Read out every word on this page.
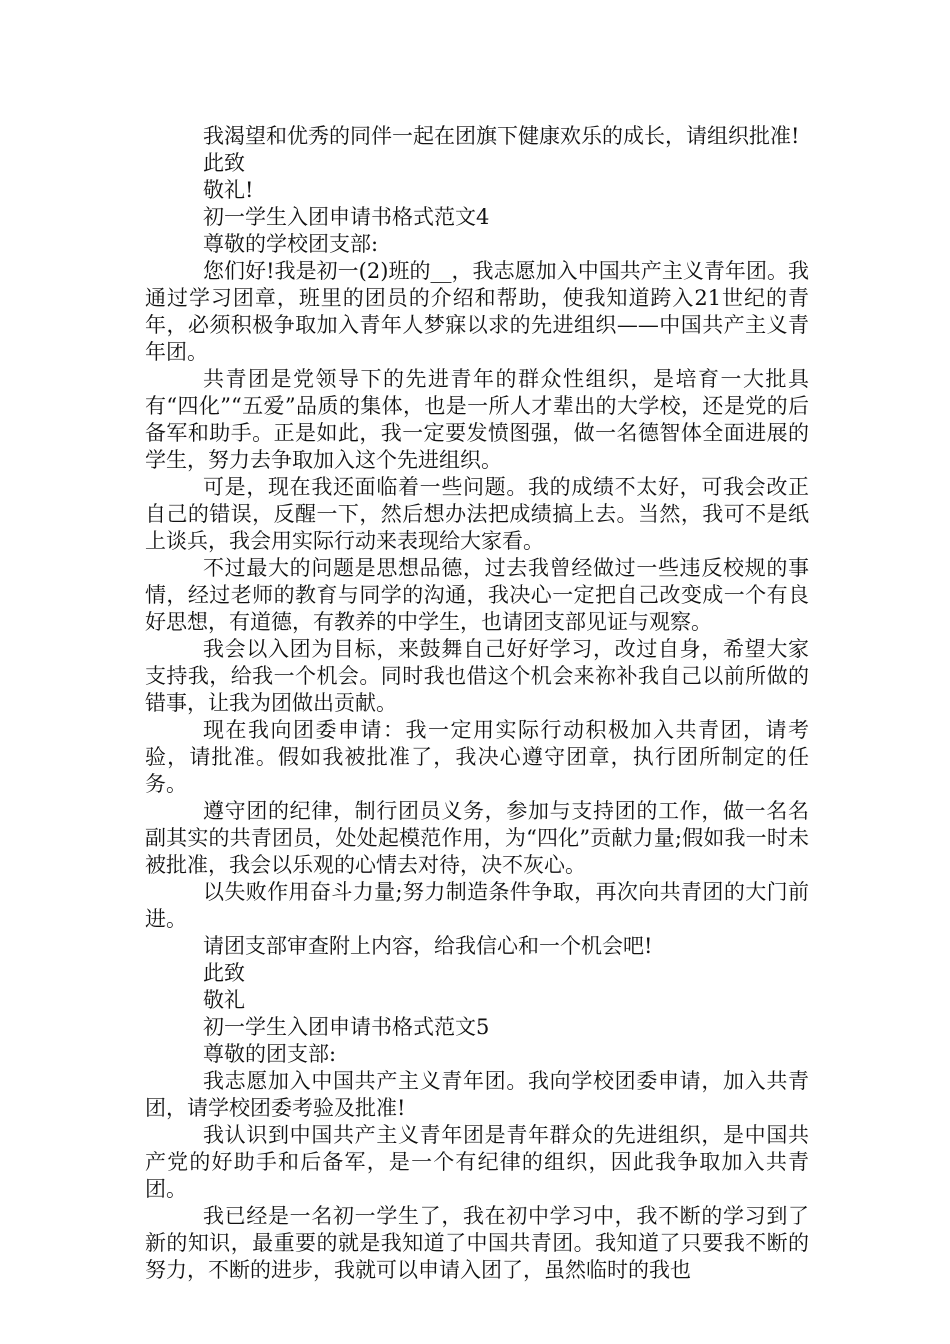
我渴望和优秀的同伴一起在团旗下健康欢乐的成长，请组织批准!

此致

敬礼!

初一学生入团申请书格式范文4

尊敬的学校团支部:

您们好!我是初一(2)班的__，我志愿加入中国共产主义青年团。我通过学习团章，班里的团员的介绍和帮助，使我知道跨入21世纪的青年，必须积极争取加入青年人梦寐以求的先进组织——中国共产主义青年团。

共青团是党领导下的先进青年的群众性组织，是培育一大批具有“四化”“五爱”品质的集体，也是一所人才辈出的大学校，还是党的后备军和助手。正是如此，我一定要发愤图强，做一名德智体全面进展的学生，努力去争取加入这个先进组织。

可是，现在我还面临着一些问题。我的成绩不太好，可我会改正自己的错误，反醒一下，然后想办法把成绩搞上去。当然，我可不是纸上谈兵，我会用实际行动来表现给大家看。

不过最大的问题是思想品德，过去我曾经做过一些违反校规的事情，经过老师的教育与同学的沟通，我决心一定把自己改变成一个有良好思想，有道德，有教养的中学生，也请团支部见证与观察。

我会以入团为目标，来鼓舞自己好好学习，改过自身，希望大家支持我，给我一个机会。同时我也借这个机会来祢补我自己以前所做的错事，让我为团做出贡献。

现在我向团委申请：我一定用实际行动积极加入共青团，请考验，请批准。假如我被批准了，我决心遵守团章，执行团所制定的任务。

遵守团的纪律，制行团员义务，参加与支持团的工作，做一名名副其实的共青团员，处处起模范作用，为“四化”贡献力量;假如我一时未被批准，我会以乐观的心情去对待，决不灰心。

以失败作用奋斗力量;努力制造条件争取，再次向共青团的大门前进。

请团支部审查附上内容，给我信心和一个机会吧!

此致

敬礼

初一学生入团申请书格式范文5

尊敬的团支部:

我志愿加入中国共产主义青年团。我向学校团委申请，加入共青团，请学校团委考验及批准!

我认识到中国共产主义青年团是青年群众的先进组织，是中国共产党的好助手和后备军，是一个有纪律的组织，因此我争取加入共青团。

我已经是一名初一学生了，我在初中学习中，我不断的学习到了新的知识，最重要的就是我知道了中国共青团。我知道了只要我不断的努力，不断的进步，我就可以申请入团了，虽然临时的我也
